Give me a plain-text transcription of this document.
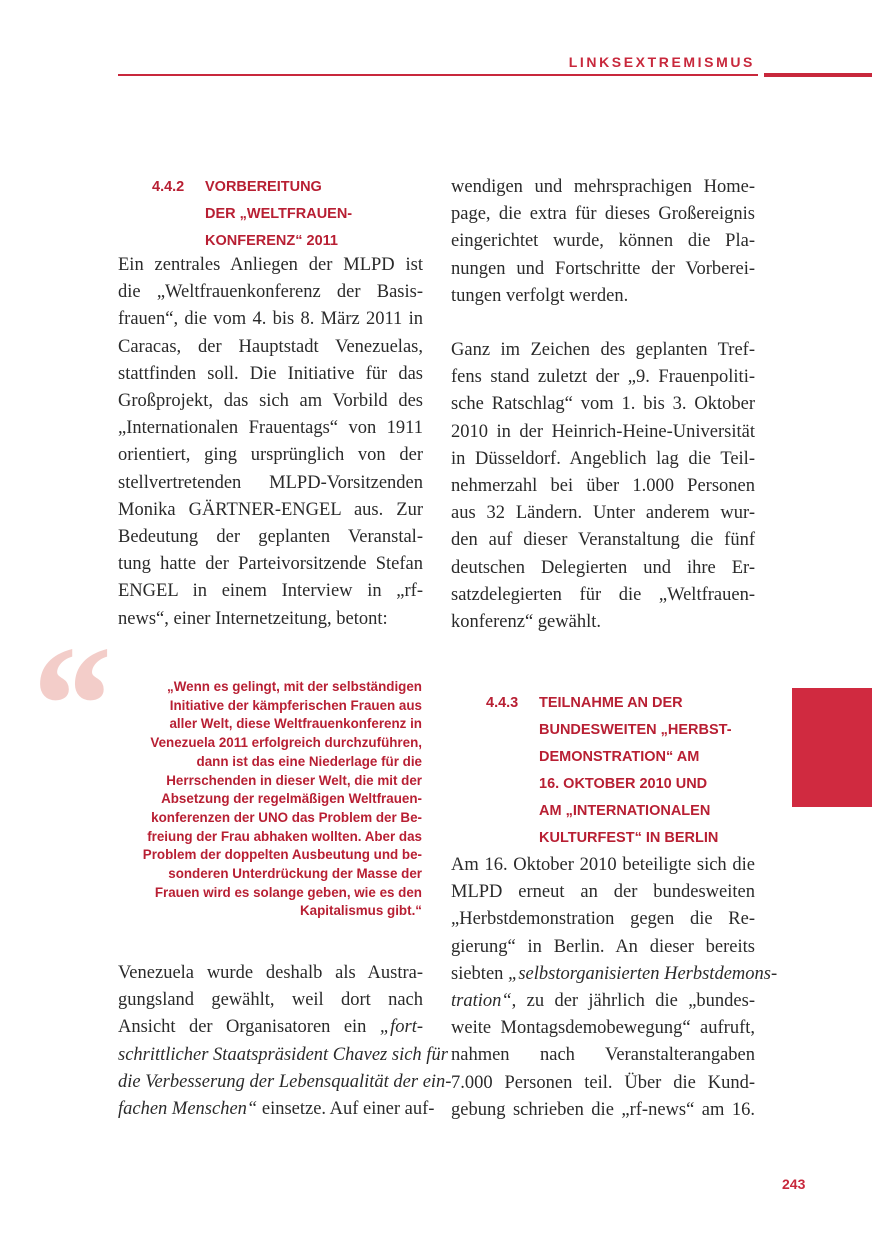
LINKSEXTREMISMUS
4.4.2	VORBEREITUNG

DER „WELTFRAUEN-

KONFERENZ“ 2011

Ein zentrales Anliegen der MLPD ist

die „Weltfrauenkonferenz der Basis-

frauen“, die vom 4. bis 8. März 2011 in

Caracas, der Hauptstadt Venezuelas,

stattfinden soll. Die Initiative für das

Großprojekt, das sich am Vorbild des

„Internationalen Frauentags“ von 1911

orientiert, ging ursprünglich von der

stellvertretenden MLPD-Vorsitzenden

Monika GÄRTNER-ENGEL aus. Zur

Bedeutung der geplanten Veranstal-

tung hatte der Parteivorsitzende Stefan

ENGEL in einem Interview in „rf-

news“, einer Internetzeitung, betont:

“	„Wenn es gelingt, mit der selbständigen

Initiative der kämpferischen Frauen aus

aller Welt, diese Weltfrauenkonferenz in

Venezuela 2011 erfolgreich durchzuführen,

dann ist das eine Niederlage für die

Herrschenden in dieser Welt, die mit der

Absetzung der regelmäßigen Weltfrauen-

konferenzen der UNO das Problem der Be-

freiung der Frau abhaken wollten. Aber das

Problem der doppelten Ausbeutung und be-

sonderen Unterdrückung der Masse der

Frauen wird es solange geben, wie es den

Kapitalismus gibt.“

Venezuela wurde deshalb als Austra-

gungsland gewählt, weil dort nach

Ansicht der Organisatoren ein „fort-

schrittlicher Staatspräsident Chavez sich für

die Verbesserung der Lebensqualität der ein-

fachen Menschen“ einsetze. Auf einer auf-

wendigen und mehrsprachigen Home-

page, die extra für dieses Großereignis

eingerichtet wurde, können die Pla-

nungen und Fortschritte der Vorberei-

tungen verfolgt werden.

Ganz im Zeichen des geplanten Tref-

fens stand zuletzt der „9. Frauenpoliti-

sche Ratschlag“ vom 1. bis 3. Oktober

2010 in der Heinrich-Heine-Universität

in Düsseldorf. Angeblich lag die Teil-

nehmerzahl bei über 1.000 Personen

aus 32 Ländern. Unter anderem wur-

den auf dieser Veranstaltung die fünf

deutschen Delegierten und ihre Er-

satzdelegierten für die „Weltfrauen-

konferenz“ gewählt.

4.4.3	TEILNAHME AN DER

BUNDESWEITEN „HERBST-

DEMONSTRATION“ AM

16. OKTOBER 2010 UND

AM „INTERNATIONALEN

KULTURFEST“ IN BERLIN

Am 16. Oktober 2010 beteiligte sich die

MLPD erneut an der bundesweiten

„Herbstdemonstration gegen die Re-

gierung“ in Berlin. An dieser bereits

siebten „selbstorganisierten Herbstdemons-

tration“, zu der jährlich die „bundes-

weite Montagsdemobewegung“ aufruft,

nahmen nach Veranstalterangaben

7.000 Personen teil. Über die Kund-

gebung schrieben die „rf-news“ am 16.

243
